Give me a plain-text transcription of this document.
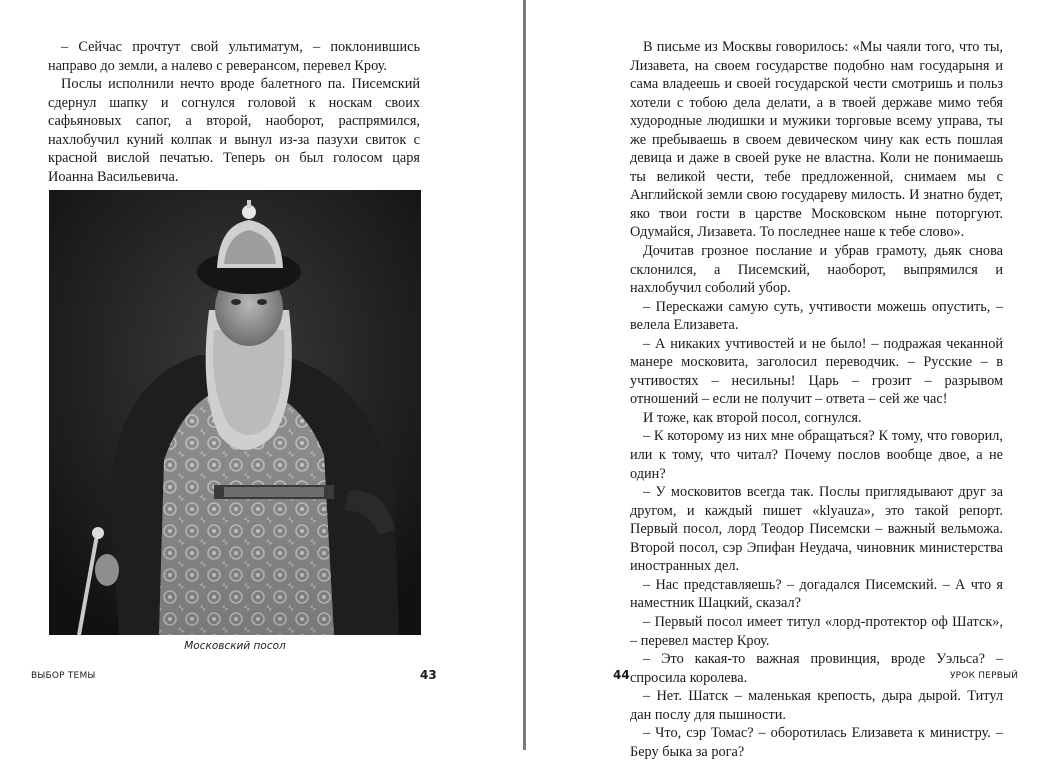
– Сейчас прочтут свой ультиматум, – поклонившись направо до земли, а налево с реверансом, перевел Кроу.

Послы исполнили нечто вроде балетного па. Писемский сдернул шапку и согнулся головой к носкам своих сафьяновых сапог, а второй, наоборот, распрямился, нахлобучил куний колпак и вынул из-за пазухи свиток с красной вислой печатью. Теперь он был голосом царя Иоанна Васильевича.

Московский посол
ВЫБОР ТЕМЫ	43

В письме из Москвы говорилось: «Мы чаяли того, что ты, Лизавета, на своем государстве подобно нам государыня и сама владеешь и своей государской чести смотришь и польз хотели с тобою дела делати, а в твоей державе мимо тебя худородные людишки и мужики торговые всему управа, ты же пребываешь в своем девическом чину как есть пошлая девица и даже в своей руке не властна. Коли не понимаешь ты великой чести, тебе предложенной, снимаем мы с Английской земли свою государеву милость. И знатно будет, яко твои гости в царстве Московском ныне поторгуют. Одумайся, Лизавета. То последнее наше к тебе слово».

Дочитав грозное послание и убрав грамоту, дьяк снова склонился, а Писемский, наоборот, выпрямился и нахлобучил соболий убор.

– Перескажи самую суть, учтивости можешь опустить, – велела Елизавета.

– А никаких учтивостей и не было! – подражая чеканной манере московита, заголосил переводчик. – Русские – в учтивостях – несильны! Царь – грозит – разрывом отношений – если не получит – ответа – сей же час!

И тоже, как второй посол, согнулся.

– К которому из них мне обращаться? К тому, что говорил, или к тому, что читал? Почему послов вообще двое, а не один?

– У московитов всегда так. Послы приглядывают друг за другом, и каждый пишет «klyauza», это такой репорт. Первый посол, лорд Теодор Писемски – важный вельможа. Второй посол, сэр Эпифан Неудача, чиновник министерства иностранных дел.

– Нас представляешь? – догадался Писемский. – А что я наместник Шацкий, сказал?

– Первый посол имеет титул «лорд-протектор оф Шатск», – перевел мастер Кроу.

– Это какая-то важная провинция, вроде Уэльса? – спросила королева.

– Нет. Шатск – маленькая крепость, дыра дырой. Титул дан послу для пышности.

– Что, сэр Томас? – оборотилась Елизавета к министру. – Беру быка за рога?

44	УРОК ПЕРВЫЙ
